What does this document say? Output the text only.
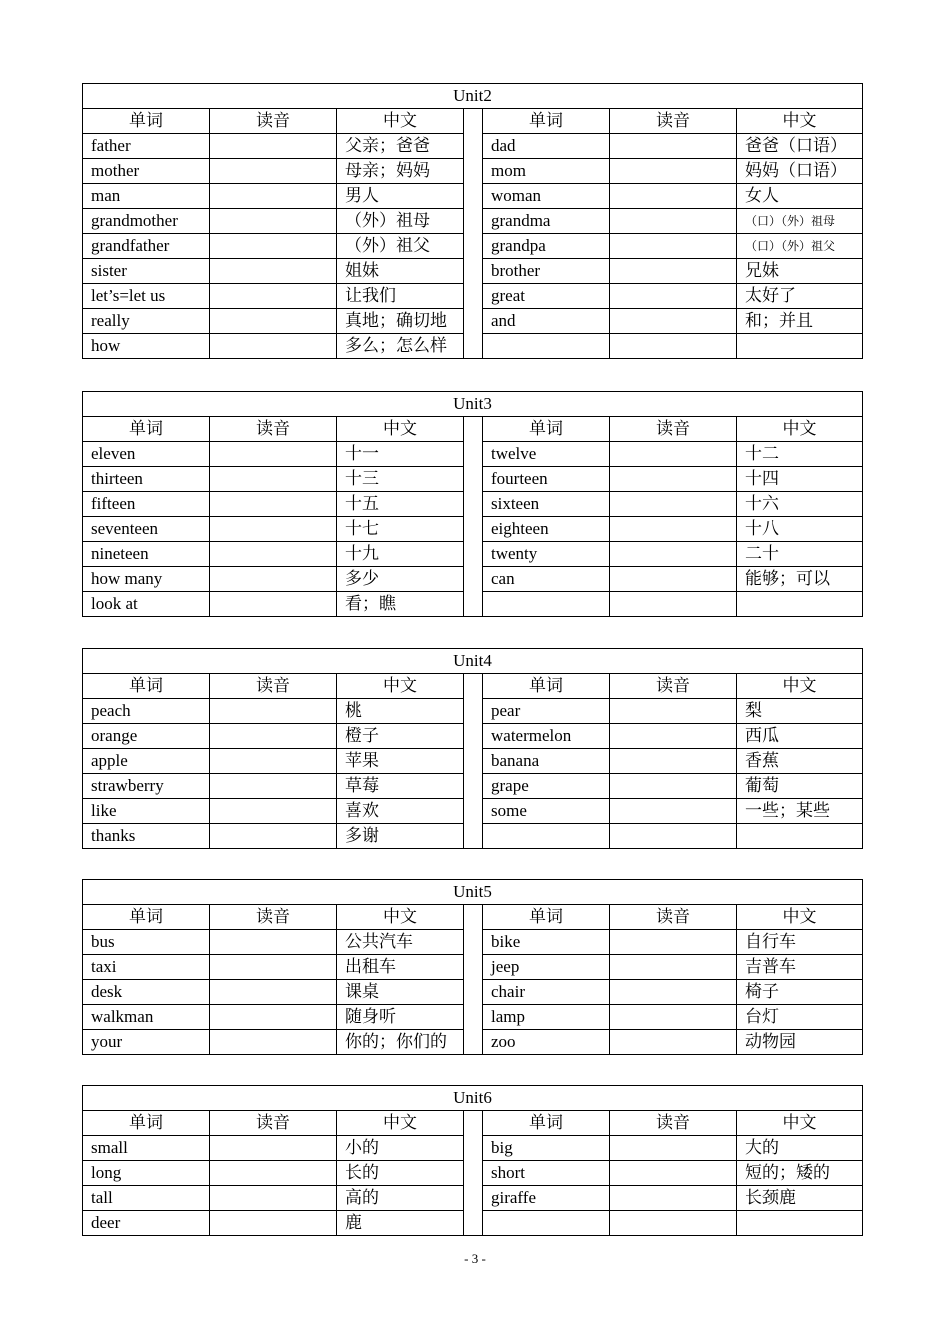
Unit2						
单词	读音	中文		单词	读音	中文
father		父亲；爸爸		dad		爸爸（口语）
mother		母亲；妈妈		mom		妈妈（口语）
man		男人		woman		女人
grandmother		（外）祖母		grandma		（口）（外）祖母
grandfather		（外）祖父		grandpa		（口）（外）祖父
sister		姐妹		brother		兄妹
let’s=let us		让我们		great		太好了
really		真地；确切地		and		和；并且
how		多么；怎么样				
Unit3						
单词	读音	中文		单词	读音	中文
eleven		十一		twelve		十二
thirteen		十三		fourteen		十四
fifteen		十五		sixteen		十六
seventeen		十七		eighteen		十八
nineteen		十九		twenty		二十
how many		多少		can		能够；可以
look at		看；瞧				
Unit4						
单词	读音	中文		单词	读音	中文
peach		桃		pear		梨
orange		橙子		watermelon		西瓜
apple		苹果		banana		香蕉
strawberry		草莓		grape		葡萄
like		喜欢		some		一些；某些
thanks		多谢				
Unit5						
单词	读音	中文		单词	读音	中文
bus		公共汽车		bike		自行车
taxi		出租车		jeep		吉普车
desk		课桌		chair		椅子
walkman		随身听		lamp		台灯
your		你的；你们的		zoo		动物园
Unit6						
单词	读音	中文		单词	读音	中文
small		小的		big		大的
long		长的		short		短的；矮的
tall		高的		giraffe		长颈鹿
deer		鹿				
- 3 -
